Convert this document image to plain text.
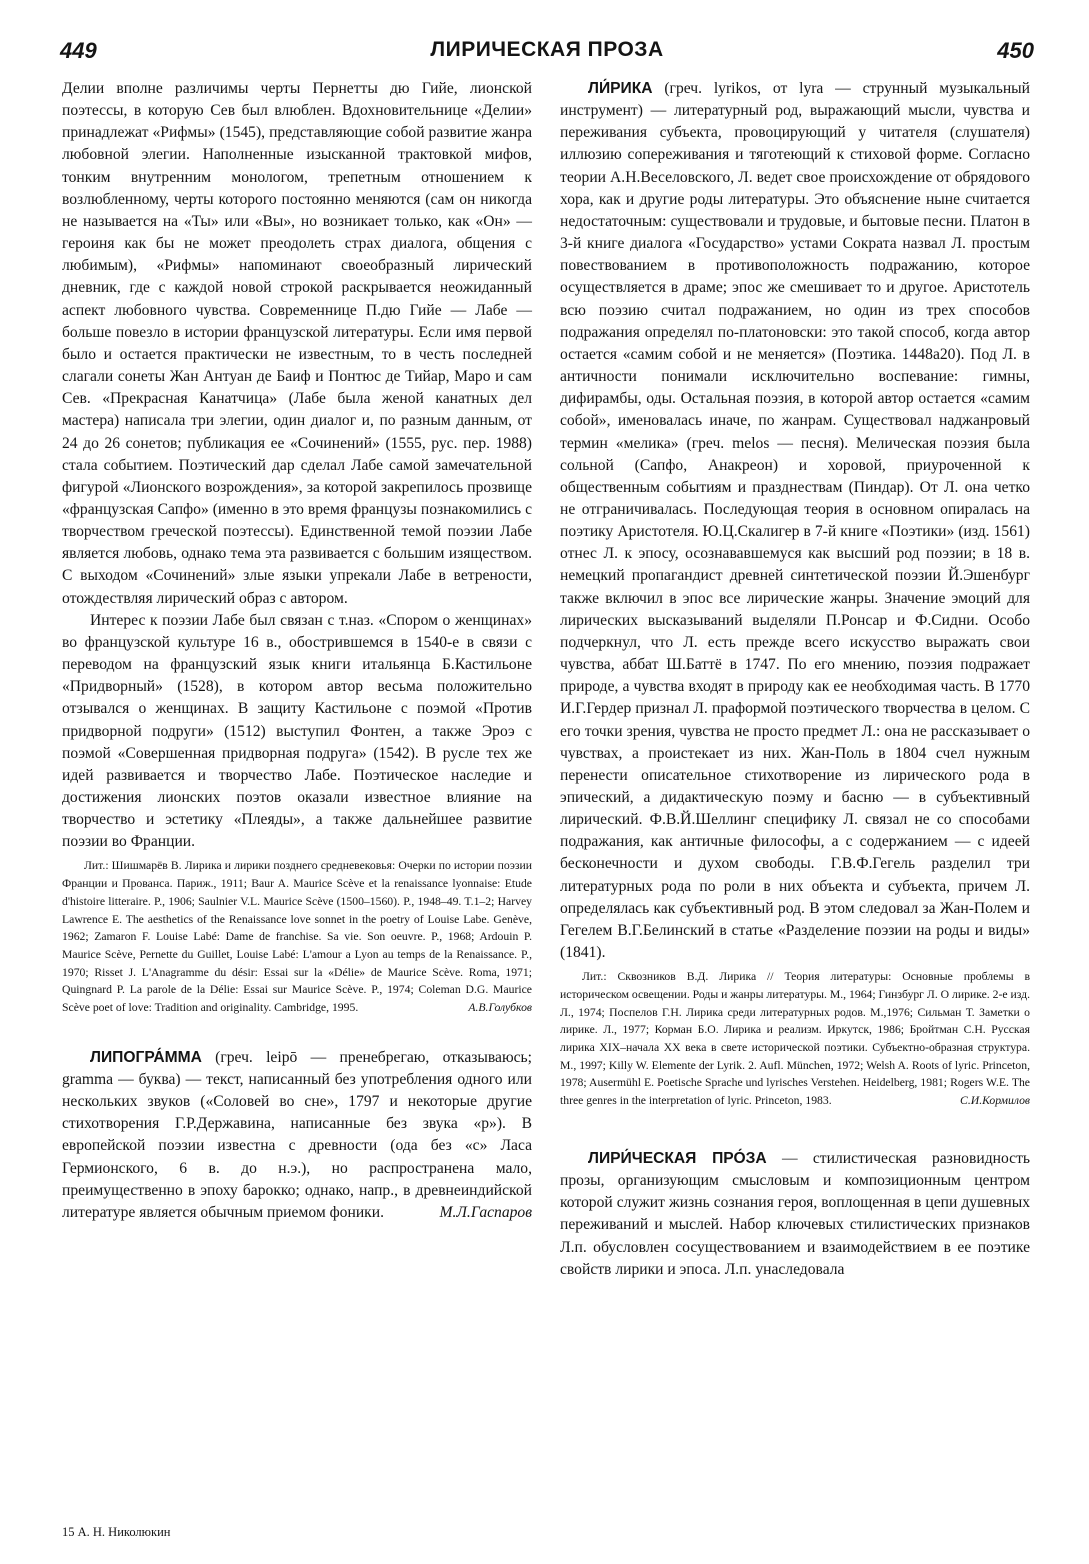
449	ЛИРИЧЕСКАЯ ПРОЗА	450

Делии вполне различимы черты Пернетты дю Гийе, лионской поэтессы, в которую Сев был влюблен. Вдохновительнице «Делии» принадлежат «Рифмы» (1545), представляющие собой развитие жанра любовной элегии. Наполненные изысканной трактовкой мифов, тонким внутренним монологом, трепетным отношением к возлюбленному, черты которого постоянно меняются (сам он никогда не называется на «Ты» или «Вы», но возникает только, как «Он» — героиня как бы не может преодолеть страх диалога, общения с любимым), «Рифмы» напоминают своеобразный лирический дневник, где с каждой новой строкой раскрывается неожиданный аспект любовного чувства. Современнице П.дю Гийе — Лабе — больше повезло в истории французской литературы. Если имя первой было и остается практически не известным, то в честь последней слагали сонеты Жан Антуан де Баиф и Понтюс де Тийар, Маро и сам Сев. «Прекрасная Канатчица» (Лабе была женой канатных дел мастера) написала три элегии, один диалог и, по разным данным, от 24 до 26 сонетов; публикация ее «Сочинений» (1555, рус. пер. 1988) стала событием. Поэтический дар сделал Лабе самой замечательной фигурой «Лионского возрождения», за которой закрепилось прозвище «французская Сапфо» (именно в это время французы познакомились с творчеством греческой поэтессы). Единственной темой поэзии Лабе является любовь, однако тема эта развивается с большим изяществом. С выходом «Сочинений» злые языки упрекали Лабе в ветрености, отождествляя лирический образ с автором.

Интерес к поэзии Лабе был связан с т.наз. «Спором о женщинах» во французской культуре 16 в., обострившемся в 1540-е в связи с переводом на французский язык книги итальянца Б.Кастильоне «Придворный» (1528), в котором автор весьма положительно отзывался о женщинах. В защиту Кастильоне с поэмой «Против придворной подруги» (1512) выступил Фонтен, а также Эроэ с поэмой «Совершенная придворная подруга» (1542). В русле тех же идей развивается и творчество Лабе. Поэтическое наследие и достижения лионских поэтов оказали известное влияние на творчество и эстетику «Плеяды», а также дальнейшее развитие поэзии во Франции.

Лит.: Шишмарёв В. Лирика и лирики позднего средневековья: Очерки по истории поэзии Франции и Прованса. Париж., 1911; Baur A. Maurice Scève et la renaissance lyonnaise: Etude d'histoire litteraire. P., 1906; Saulnier V.L. Maurice Scève (1500–1560). P., 1948–49. T.1–2; Harvey Lawrence E. The aesthetics of the Renaissance love sonnet in the poetry of Louise Labe. Genève, 1962; Zamaron F. Louise Labé: Dame de franchise. Sa vie. Son oeuvre. P., 1968; Ardouin P. Maurice Scève, Pernette du Guillet, Louise Labé: L'amour a Lyon au temps de la Renaissance. P., 1970; Risset J. L'Anagramme du désir: Essai sur la «Délie» de Maurice Scève. Roma, 1971; Quingnard P. La parole de la Délie: Essai sur Maurice Scève. P., 1974; Coleman D.G. Maurice Scève poet of love: Tradition and originality. Cambridge, 1995.	А.В.Голубков

ЛИПОГРА́ММА (греч. leipō — пренебрегаю, отказываюсь; gramma — буква) — текст, написанный без употребления одного или нескольких звуков («Соловей во сне», 1797 и некоторые другие стихотворения Г.Р.Державина, написанные без звука «р»). В европейской поэзии известна с древности (ода без «с» Ласа Гермионского, 6 в. до н.э.), но распространена мало, преимущественно в эпоху барокко; однако, напр., в древнеиндийской литературе является обычным приемом фоники.	М.Л.Гаспаров

ЛИ́РИКА (греч. lyrikos, от lyra — струнный музыкальный инструмент) — литературный род, выражающий мысли, чувства и переживания субъекта, провоцирующий у читателя (слушателя) иллюзию сопереживания и тяготеющий к стиховой форме. Согласно теории А.Н.Веселовского, Л. ведет свое происхождение от обрядового хора, как и другие роды литературы. Это объяснение ныне считается недостаточным: существовали и трудовые, и бытовые песни. Платон в 3-й книге диалога «Государство» устами Сократа назвал Л. простым повествованием в противоположность подражанию, которое осуществляется в драме; эпос же смешивает то и другое. Аристотель всю поэзию считал подражанием, но один из трех способов подражания определял по-платоновски: это такой способ, когда автор остается «самим собой и не меняется» (Поэтика. 1448а20). Под Л. в античности понимали исключительно воспевание: гимны, дифирамбы, оды. Остальная поэзия, в которой автор остается «самим собой», именовалась иначе, по жанрам. Существовал наджанровый термин «мелика» (греч. melos — песня). Мелическая поэзия была сольной (Сапфо, Анакреон) и хоровой, приуроченной к общественным событиям и празднествам (Пиндар). От Л. она четко не отграничивалась. Последующая теория в основном опиралась на поэтику Аристотеля. Ю.Ц.Скалигер в 7-й книге «Поэтики» (изд. 1561) отнес Л. к эпосу, осознававшемуся как высший род поэзии; в 18 в. немецкий пропагандист древней синтетической поэзии Й.Эшенбург также включил в эпос все лирические жанры. Значение эмоций для лирических высказываний выделяли П.Ронсар и Ф.Сидни. Особо подчеркнул, что Л. есть прежде всего искусство выражать свои чувства, аббат Ш.Баттё в 1747. По его мнению, поэзия подражает природе, а чувства входят в природу как ее необходимая часть. В 1770 И.Г.Гердер признал Л. праформой поэтического творчества в целом. С его точки зрения, чувства не просто предмет Л.: она не рассказывает о чувствах, а проистекает из них. Жан-Поль в 1804 счел нужным перенести описательное стихотворение из лирического рода в эпический, а дидактическую поэму и басню — в субъективный лирический. Ф.В.Й.Шеллинг специфику Л. связал не со способами подражания, как античные философы, а с содержанием — с идеей бесконечности и духом свободы. Г.В.Ф.Гегель разделил три литературных рода по роли в них объекта и субъекта, причем Л. определялась как субъективный род. В этом следовал за Жан-Полем и Гегелем В.Г.Белинский в статье «Разделение поэзии на роды и виды» (1841).

Лит.: Сквозников В.Д. Лирика // Теория литературы: Основные проблемы в историческом освещении. Роды и жанры литературы. М., 1964; Гинзбург Л. О лирике. 2-е изд. Л., 1974; Поспелов Г.Н. Лирика среди литературных родов. М.,1976; Сильман Т. Заметки о лирике. Л., 1977; Корман Б.О. Лирика и реализм. Иркутск, 1986; Бройтман С.Н. Русская лирика XIX–начала XX века в свете исторической поэтики. Субъектно-образная структура. М., 1997; Killy W. Elemente der Lyrik. 2. Aufl. München, 1972; Welsh A. Roots of lyric. Princeton, 1978; Ausermühl E. Poetische Sprache und lyrisches Verstehen. Heidelberg, 1981; Rogers W.E. The three genres in the interpretation of lyric. Princeton, 1983.	С.И.Кормилов

ЛИРИ́ЧЕСКАЯ ПРО́ЗА — стилистическая разновидность прозы, организующим смысловым и композиционным центром которой служит жизнь сознания героя, воплощенная в цепи душевных переживаний и мыслей. Набор ключевых стилистических признаков Л.п. обусловлен сосуществованием и взаимодействием в ее поэтике свойств лирики и эпоса. Л.п. унаследовала

15 А. Н. Николюкин
